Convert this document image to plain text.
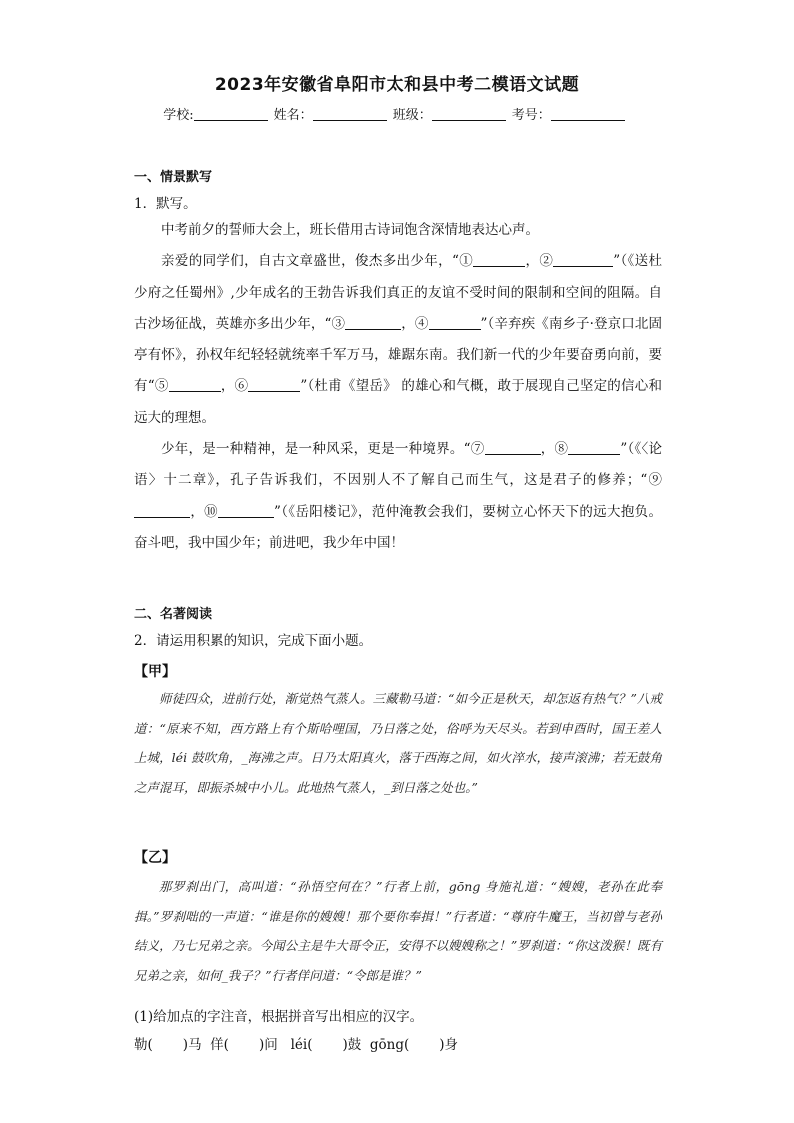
2023年安徽省阜阳市太和县中考二模语文试题
学校:	姓名：	班级：	考号：
一、情景默写
1．默写。

中考前夕的誓师大会上，班长借用古诗词饱含深情地表达心声。

亲爱的同学们，自古文章盛世，俊杰多出少年，“①	，②	”（《送杜少府之任蜀州》,少年成名的王勃告诉我们真正的友谊不受时间的限制和空间的阻隔。自古沙场征战，英雄亦多出少年，“③	，④	”（辛弃疾《南乡子·登京口北固亭有怀》，孙权年纪轻轻就统率千军万马，雄踞东南。我们新一代的少年要奋勇向前，要有“⑤	，⑥	”（杜甫《望岳》 的雄心和气概，敢于展现自己坚定的信心和远大的理想。

少年，是一种精神，是一种风采，更是一种境界。“⑦	，⑧	”（《〈论语〉十二章》，孔子告诉我们，不因别人不了解自己而生气，这是君子的修养；“⑨，⑩	”（《岳阳楼记》，范仲淹教会我们，要树立心怀天下的远大抱负。奋斗吧，我中国少年；前进吧，我少年中国！

二、名著阅读
2．请运用积累的知识，完成下面小题。
【甲】

师徒四众，进前行处，渐觉热气蒸人。三藏勒马道：“如今正是秋天，却怎返有热气？”八戒道：“原来不知，西方路上有个斯哈哩国，乃日落之处，俗呼为天尽头。若到申酉时，国王差人上城，léi 鼓吹角，_海沸之声。日乃太阳真火，落于西海之间，如火淬水，接声滚沸；若无鼓角之声混耳，即振杀城中小儿。此地热气蒸人，_到日落之处也。”

【乙】

那罗刹出门，高叫道：“孙悟空何在？”行者上前，gōng 身施礼道：“嫂嫂，老孙在此奉揖。”罗刹咄的一声道：“谁是你的嫂嫂！那个要你奉揖！”行者道：“尊府牛魔王，当初曾与老孙结义，乃七兄弟之亲。今闻公主是牛大哥令正，安得不以嫂嫂称之！”罗刹道：“你这泼猴！既有兄弟之亲，如何_我子？”行者佯问道：“令郎是谁？”

(1)给加点的字注音，根据拼音写出相应的汉字。
勒(       )马  佯(       )问   léi(       )鼓  gōng(       )身
